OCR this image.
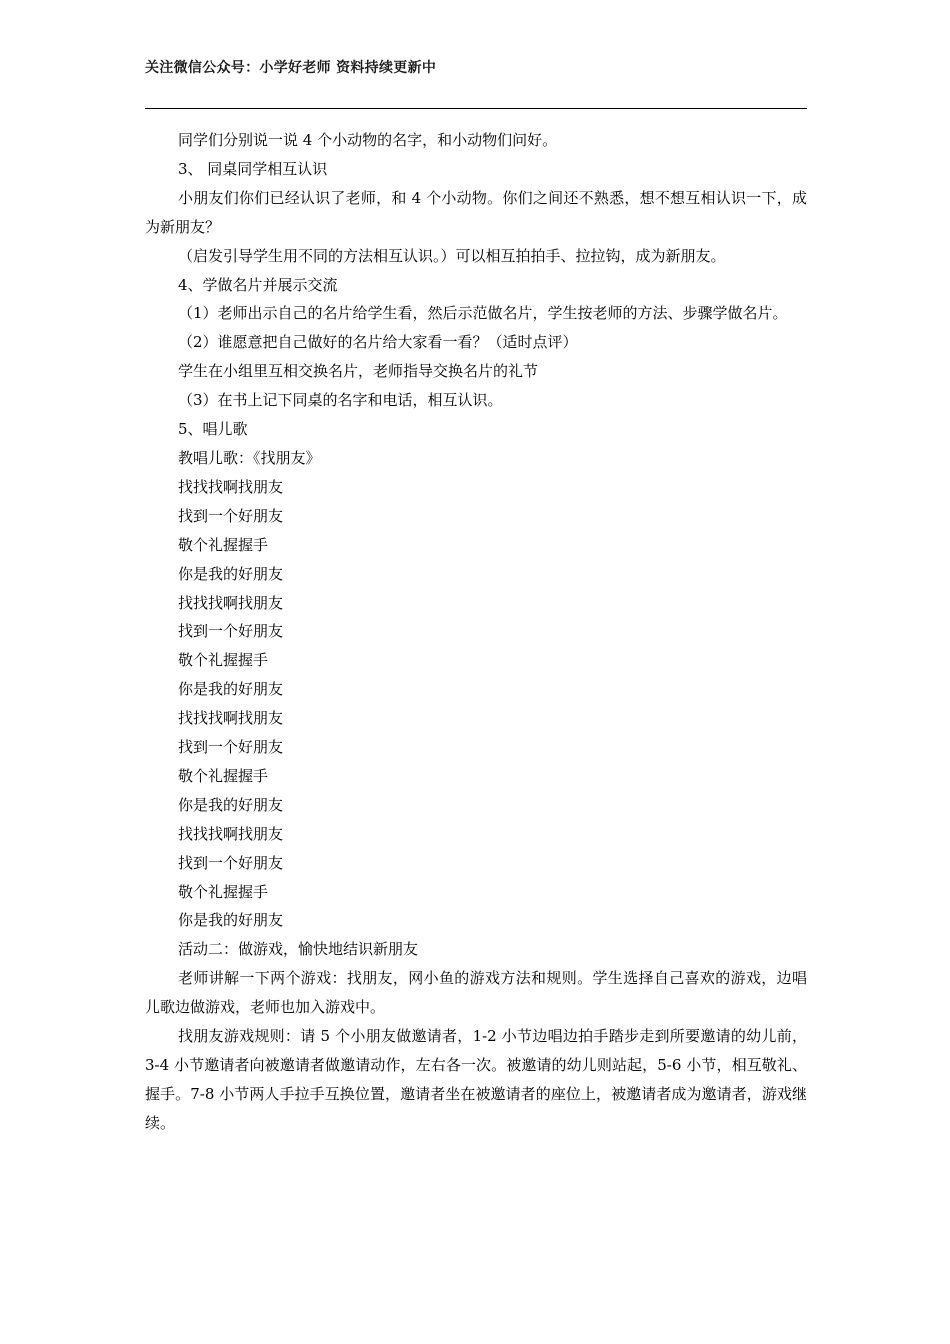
关注微信公众号：小学好老师 资料持续更新中

同学们分别说一说 4 个小动物的名字，和小动物们问好。

3、 同桌同学相互认识

小朋友们你们已经认识了老师，和 4 个小动物。你们之间还不熟悉，想不想互相认识一下，成为新朋友？

（启发引导学生用不同的方法相互认识。）可以相互拍拍手、拉拉钩，成为新朋友。

4、学做名片并展示交流

（1）老师出示自己的名片给学生看，然后示范做名片，学生按老师的方法、步骤学做名片。

（2）谁愿意把自己做好的名片给大家看一看？（适时点评）

学生在小组里互相交换名片，老师指导交换名片的礼节

（3）在书上记下同桌的名字和电话，相互认识。

5、唱儿歌

教唱儿歌：《找朋友》

找找找啊找朋友

找到一个好朋友

敬个礼握握手

你是我的好朋友

找找找啊找朋友

找到一个好朋友

敬个礼握握手

你是我的好朋友

找找找啊找朋友

找到一个好朋友

敬个礼握握手

你是我的好朋友

找找找啊找朋友

找到一个好朋友

敬个礼握握手

你是我的好朋友

活动二：做游戏，愉快地结识新朋友

老师讲解一下两个游戏：找朋友，网小鱼的游戏方法和规则。学生选择自己喜欢的游戏，边唱儿歌边做游戏，老师也加入游戏中。

找朋友游戏规则：请 5 个小朋友做邀请者，1-2 小节边唱边拍手踏步走到所要邀请的幼儿前，3-4 小节邀请者向被邀请者做邀请动作，左右各一次。被邀请的幼儿则站起，5-6 小节，相互敬礼、握手。7-8 小节两人手拉手互换位置，邀请者坐在被邀请者的座位上，被邀请者成为邀请者，游戏继续。
